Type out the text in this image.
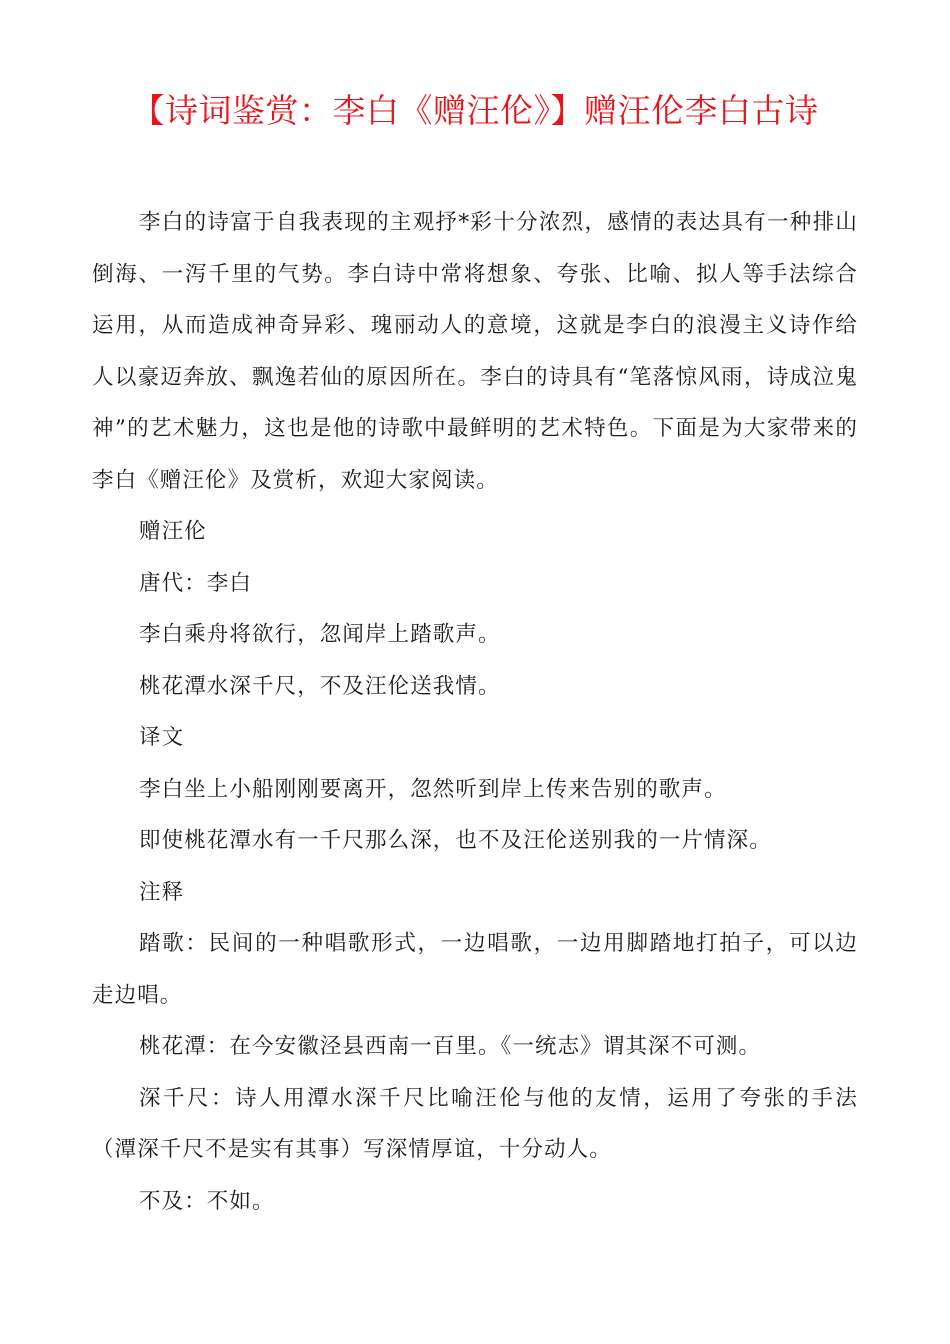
【诗词鉴赏：李白《赠汪伦》】赠汪伦李白古诗

李白的诗富于自我表现的主观抒*彩十分浓烈，感情的表达具有一种排山倒海、一泻千里的气势。李白诗中常将想象、夸张、比喻、拟人等手法综合运用，从而造成神奇异彩、瑰丽动人的意境，这就是李白的浪漫主义诗作给人以豪迈奔放、飘逸若仙的原因所在。李白的诗具有“笔落惊风雨，诗成泣鬼神”的艺术魅力，这也是他的诗歌中最鲜明的艺术特色。下面是为大家带来的李白《赠汪伦》及赏析，欢迎大家阅读。

赠汪伦

唐代：李白

李白乘舟将欲行，忽闻岸上踏歌声。

桃花潭水深千尺，不及汪伦送我情。

译文

李白坐上小船刚刚要离开，忽然听到岸上传来告别的歌声。

即使桃花潭水有一千尺那么深，也不及汪伦送别我的一片情深。

注释

踏歌：民间的一种唱歌形式，一边唱歌，一边用脚踏地打拍子，可以边走边唱。

桃花潭：在今安徽泾县西南一百里。《一统志》谓其深不可测。

深千尺：诗人用潭水深千尺比喻汪伦与他的友情，运用了夸张的手法（潭深千尺不是实有其事）写深情厚谊，十分动人。

不及：不如。
